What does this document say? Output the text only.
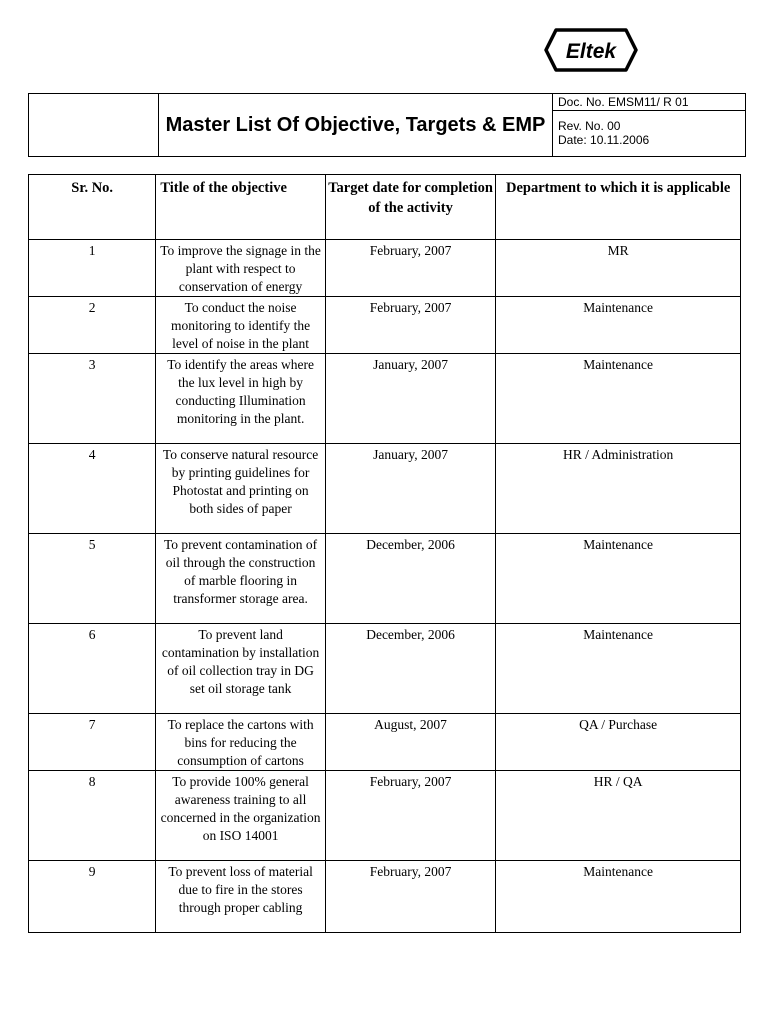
Eltek

Master List Of Objective, Targets & EMP

Doc. No. EMSM11/ R 01

Rev. No. 00
Date: 10.11.2006
Sr. No.	Title of the objective	Target date for completion of the activity	Department to which it is applicable
1	To improve the signage in the plant with respect to conservation of energy	February, 2007	MR
2	To conduct the noise monitoring to identify the level of noise in the plant	February, 2007	Maintenance
3	To identify the areas where the lux level in high by conducting Illumination monitoring in the plant.	January, 2007	Maintenance
4	To conserve natural resource by printing guidelines for Photostat and printing on both sides of paper	January, 2007	HR / Administration
5	To prevent contamination of oil through the construction of marble flooring in transformer storage area.	December, 2006	Maintenance
6	To prevent land contamination by installation of oil collection tray in DG set oil storage tank	December, 2006	Maintenance
7	To replace the cartons with bins for reducing the consumption of cartons	August, 2007	QA / Purchase
8	To provide 100% general awareness training to all concerned in the organization on ISO 14001	February, 2007	HR / QA
9	To prevent loss of material due to fire in the stores through proper cabling	February, 2007	Maintenance
